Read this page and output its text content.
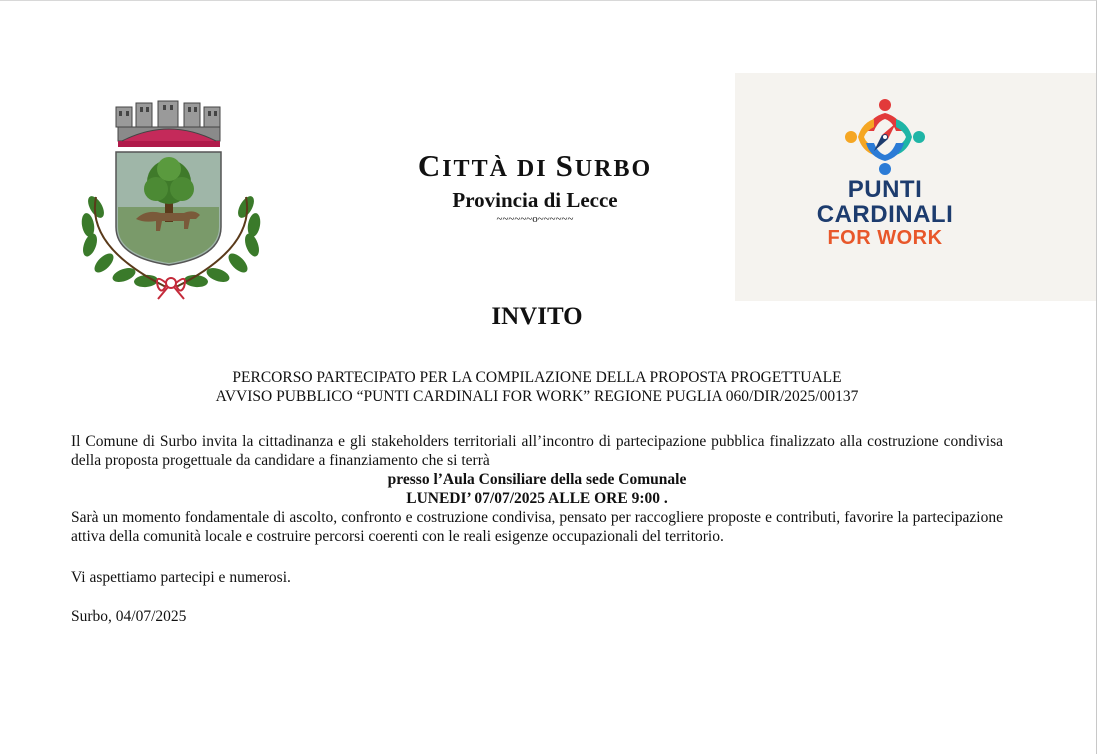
CITTÀ DI SURBO
Provincia di Lecce
~~~~~~o~~~~~~
PUNTI
CARDINALI
FOR WORK
INVITO
PERCORSO PARTECIPATO PER LA COMPILAZIONE DELLA PROPOSTA PROGETTUALE
AVVISO PUBBLICO “PUNTI CARDINALI FOR WORK” REGIONE PUGLIA 060/DIR/2025/00137
Il Comune di Surbo invita la cittadinanza e gli stakeholders territoriali all’incontro di partecipazione pubblica finalizzato alla costruzione condivisa della proposta progettuale da candidare a finanziamento che si terrà
presso l’Aula Consiliare della sede Comunale
LUNEDI’ 07/07/2025 ALLE ORE 9:00 .
Sarà un momento fondamentale di ascolto, confronto e costruzione condivisa, pensato per raccogliere proposte e contributi, favorire la partecipazione attiva della comunità locale e costruire percorsi coerenti con le reali esigenze occupazionali del territorio.
Vi aspettiamo partecipi e numerosi.
Surbo, 04/07/2025
